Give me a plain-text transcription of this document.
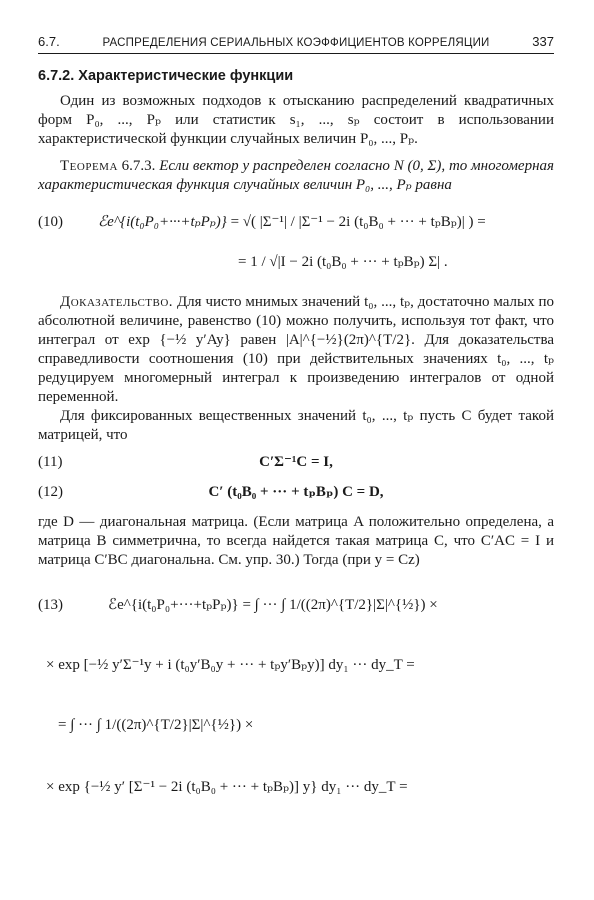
6.7.	РАСПРЕДЕЛЕНИЯ СЕРИАЛЬНЫХ КОЭФФИЦИЕНТОВ КОРРЕЛЯЦИИ	337
6.7.2. Характеристические функции

Один из возможных подходов к отысканию распределений квадратичных форм P₀, ..., Pₚ или статистик s₁, ..., sₚ состоит в использовании характеристической функции случайных величин P₀, ..., Pₚ.

Теорема 6.7.3. Если вектор y распределен согласно N (0, Σ), то многомерная характеристическая функция случайных величин P₀, ..., Pₚ равна

(10) ℰe^{i(t₀P₀+···+tₚPₚ)} = √( |Σ⁻¹| / |Σ⁻¹ − 2i (t₀B₀ + ··· + tₚBₚ)| ) =
= 1 / √|I − 2i (t₀B₀ + ··· + tₚBₚ) Σ| .

Доказательство. Для чисто мнимых значений t₀, ..., tₚ, достаточно малых по абсолютной величине, равенство (10) можно получить, используя тот факт, что интеграл от exp {−½ y′Ay} равен |A|^{−½}(2π)^{T/2}. Для доказательства справедливости соотношения (10) при действительных значениях t₀, ..., tₚ редуцируем многомерный интеграл к произведению интегралов от одной переменной.

Для фиксированных вещественных значений t₀, ..., tₚ пусть C будет такой матрицей, что

(11)	C′Σ⁻¹C = I,
(12)	C′ (t₀B₀ + ··· + tₚBₚ) C = D,

где D — диагональная матрица. (Если матрица A положительно определена, а матрица B симметрична, то всегда найдется такая матрица C, что C′AC = I и матрица C′BC диагональна. См. упр. 30.) Тогда (при y = Cz)

(13)	ℰe^{i(t₀P₀+···+tₚPₚ)} = ∫ ··· ∫ 1/((2π)^{T/2}|Σ|^{½}) ×
× exp [−½ y′Σ⁻¹y + i (t₀y′B₀y + ··· + tₚy′Bₚy)] dy₁ ··· dy_T =
= ∫ ··· ∫ 1/((2π)^{T/2}|Σ|^{½}) ×
× exp {−½ y′ [Σ⁻¹ − 2i (t₀B₀ + ··· + tₚBₚ)] y} dy₁ ··· dy_T =
